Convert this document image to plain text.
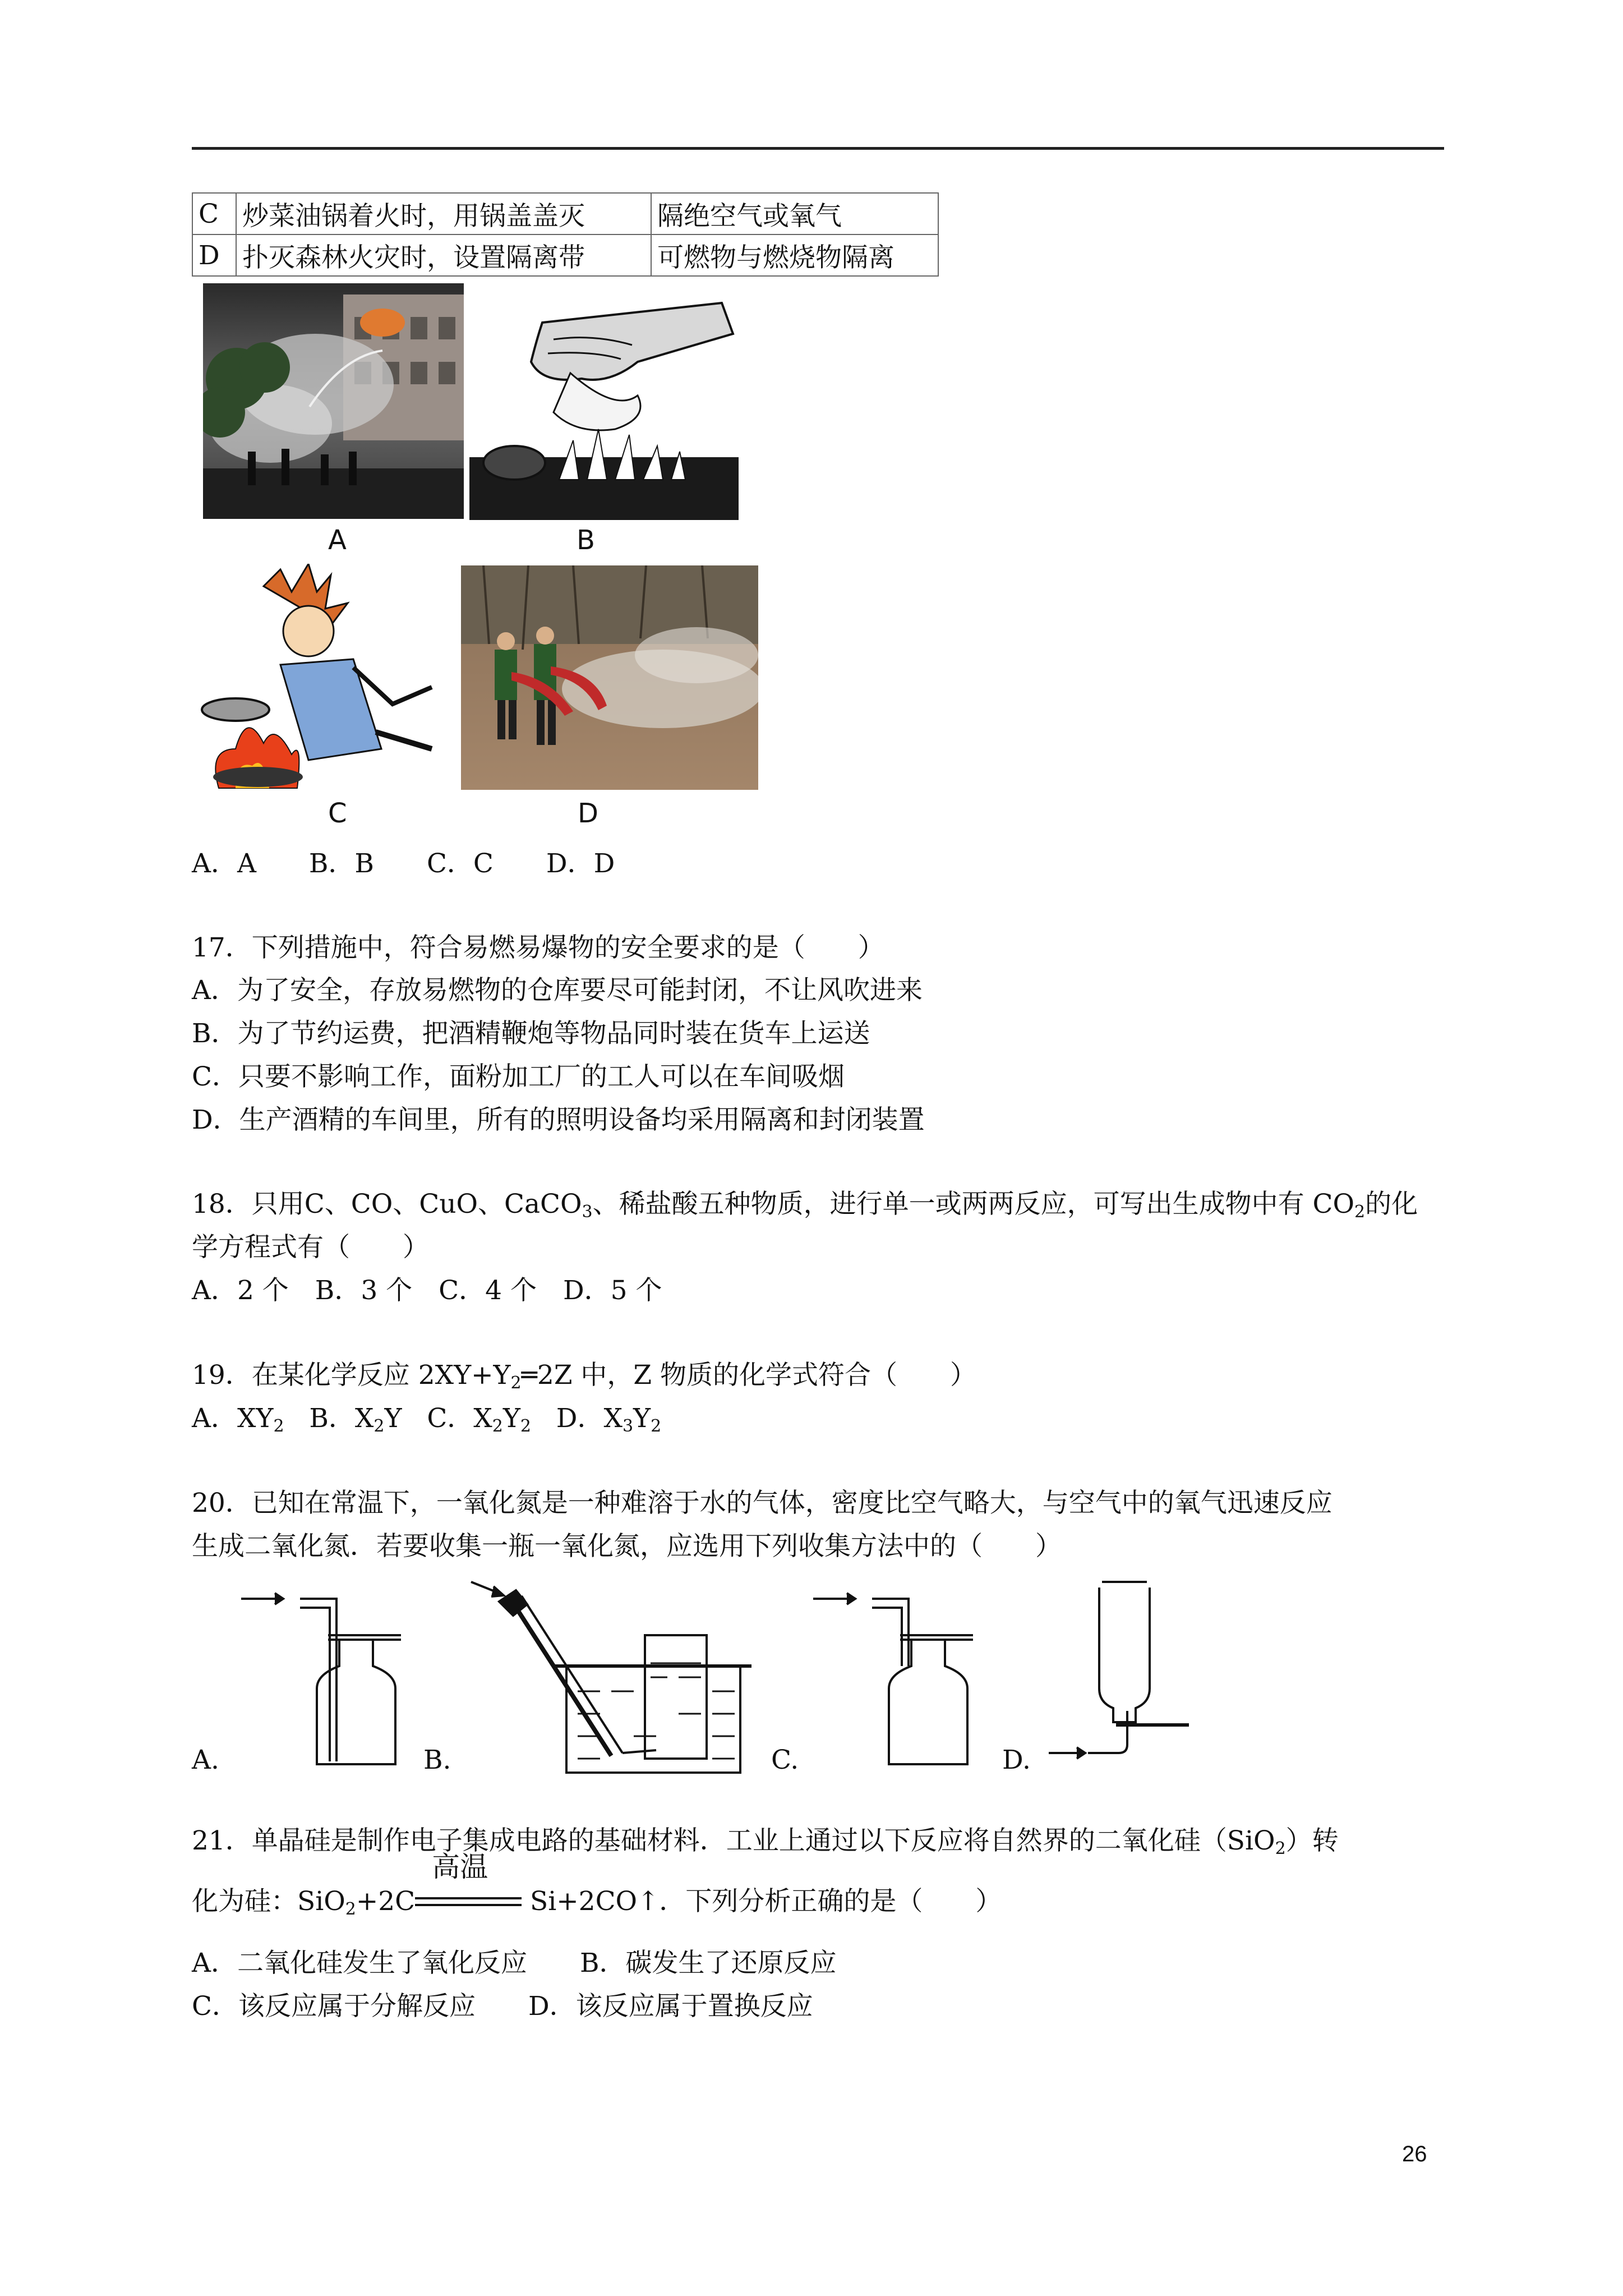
C	炒菜油锅着火时，用锅盖盖灭	隔绝空气或氧气
D	扑灭森林火灾时，设置隔离带	可燃物与燃烧物隔离
A	B
C	D
A．A　　B．B　　C．C　　D．D
17．下列措施中，符合易燃易爆物的安全要求的是（　　）
A．为了安全，存放易燃物的仓库要尽可能封闭，不让风吹进来
B．为了节约运费，把酒精鞭炮等物品同时装在货车上运送
C．只要不影响工作，面粉加工厂的工人可以在车间吸烟
D．生产酒精的车间里，所有的照明设备均采用隔离和封闭装置
18．只用C、CO、CuO、CaCO$_3$、稀盐酸五种物质，进行单一或两两反应，可写出生成物中有 $CO_2$的化
学方程式有（　　）
A．2 个　B．3 个　C．4 个　D．5 个
19．在某化学反应 $2XY+Y_2═2Z$ 中，Z 物质的化学式符合（　　）
A．$XY_2$ B．$X_2Y$ C．$X_2Y_2$ D．$X_3Y_2$
20．已知在常温下，一氧化氮是一种难溶于水的气体，密度比空气略大，与空气中的氧气迅速反应
生成二氧化氮．若要收集一瓶一氧化氮，应选用下列收集方法中的（　　）
A.	B.	C.	D.
21．单晶硅是制作电子集成电路的基础材料．工业上通过以下反应将自然界的二氧化硅（SiO$_2$）转
化为硅：SiO$_2$+2C
高温
Si+2CO↑．下列分析正确的是（　　）
A．二氧化硅发生了氧化反应　　B．碳发生了还原反应
C．该反应属于分解反应　　D．该反应属于置换反应
26
